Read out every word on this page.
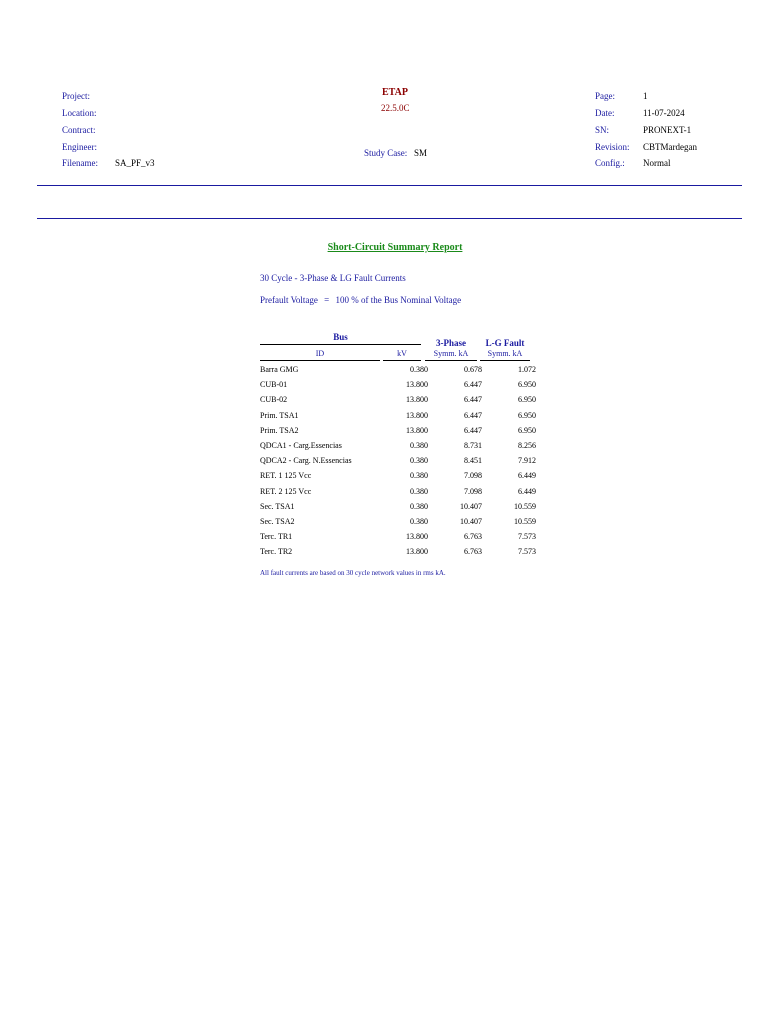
Project:
Location:
Contract:
Engineer:
Filename: SA_PF_v3
ETAP
22.5.0C
Study Case: SM
Page:	1
Date:	11-07-2024
SN:	PRONEXT-1
Revision: CBTMardegan
Config.: Normal
Short-Circuit Summary Report
30 Cycle - 3-Phase & LG Fault Currents
Prefault Voltage = 100 % of the Bus Nominal Voltage
Bus
ID	kV
3-Phase
Symm. kA
L-G Fault
Symm. kA
Barra GMG	0.380	0.678	1.072
CUB-01	13.800	6.447	6.950
CUB-02	13.800	6.447	6.950
Prim. TSA1	13.800	6.447	6.950
Prim. TSA2	13.800	6.447	6.950
QDCA1 - Carg.Essencias	0.380	8.731	8.256
QDCA2 - Carg. N.Essencias	0.380	8.451	7.912
RET. 1 125 Vcc	0.380	7.098	6.449
RET. 2 125 Vcc	0.380	7.098	6.449
Sec. TSA1	0.380	10.407	10.559
Sec. TSA2	0.380	10.407	10.559
Terc. TR1	13.800	6.763	7.573
Terc. TR2	13.800	6.763	7.573
All fault currents are based on 30 cycle network values in rms kA.
